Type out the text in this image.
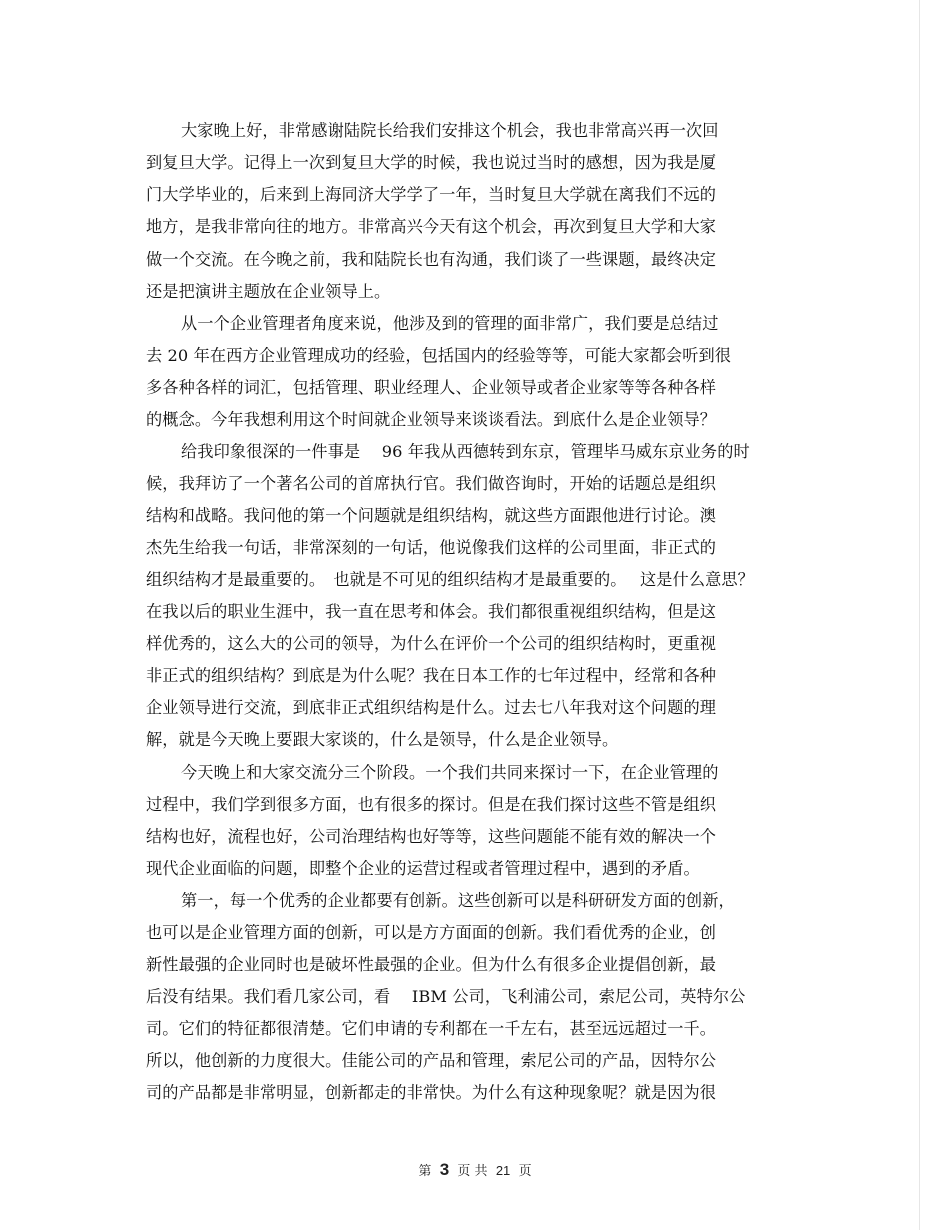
大家晚上好，非常感谢陆院长给我们安排这个机会，我也非常高兴再一次回
到复旦大学。记得上一次到复旦大学的时候，我也说过当时的感想，因为我是厦
门大学毕业的，后来到上海同济大学学了一年，当时复旦大学就在离我们不远的
地方，是我非常向往的地方。非常高兴今天有这个机会，再次到复旦大学和大家
做一个交流。在今晚之前，我和陆院长也有沟通，我们谈了一些课题，最终决定
还是把演讲主题放在企业领导上。
从一个企业管理者角度来说，他涉及到的管理的面非常广，我们要是总结过
去 20 年在西方企业管理成功的经验，包括国内的经验等等，可能大家都会听到很
多各种各样的词汇，包括管理、职业经理人、企业领导或者企业家等等各种各样
的概念。今年我想利用这个时间就企业领导来谈谈看法。到底什么是企业领导？
给我印象很深的一件事是　 96 年我从西德转到东京，管理毕马威东京业务的时
候，我拜访了一个著名公司的首席执行官。我们做咨询时，开始的话题总是组织
结构和战略。我问他的第一个问题就是组织结构，就这些方面跟他进行讨论。澳
杰先生给我一句话，非常深刻的一句话，他说像我们这样的公司里面，非正式的
组织结构才是最重要的。　也就是不可见的组织结构才是最重要的。　 这是什么意思？
在我以后的职业生涯中，我一直在思考和体会。我们都很重视组织结构，但是这
样优秀的，这么大的公司的领导，为什么在评价一个公司的组织结构时，更重视
非正式的组织结构？到底是为什么呢？我在日本工作的七年过程中，经常和各种
企业领导进行交流，到底非正式组织结构是什么。过去七八年我对这个问题的理
解，就是今天晚上要跟大家谈的，什么是领导，什么是企业领导。
今天晚上和大家交流分三个阶段。一个我们共同来探讨一下，在企业管理的
过程中，我们学到很多方面，也有很多的探讨。但是在我们探讨这些不管是组织
结构也好，流程也好，公司治理结构也好等等，这些问题能不能有效的解决一个
现代企业面临的问题，即整个企业的运营过程或者管理过程中，遇到的矛盾。
第一，每一个优秀的企业都要有创新。这些创新可以是科研研发方面的创新，
也可以是企业管理方面的创新，可以是方方面面的创新。我们看优秀的企业，创
新性最强的企业同时也是破坏性最强的企业。但为什么有很多企业提倡创新，最
后没有结果。我们看几家公司，看　 IBM 公司，飞利浦公司，索尼公司，英特尔公
司。它们的特征都很清楚。它们申请的专利都在一千左右，甚至远远超过一千。
所以，他创新的力度很大。佳能公司的产品和管理，索尼公司的产品，因特尔公
司的产品都是非常明显，创新都走的非常快。为什么有这种现象呢？就是因为很
第 3 页 共 21 页
